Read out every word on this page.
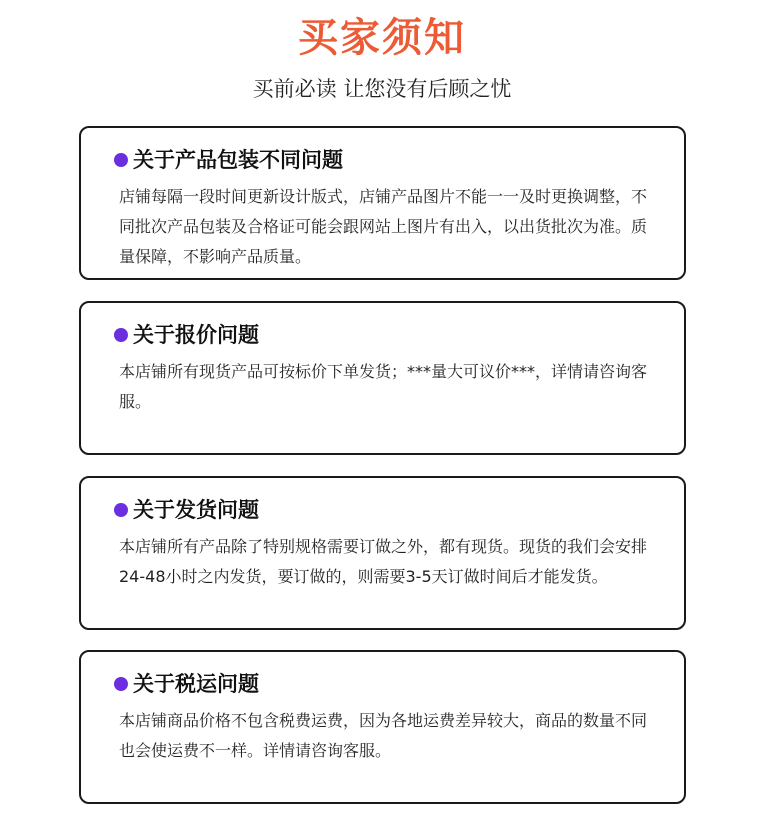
买家须知
买前必读 让您没有后顾之忧
关于产品包装不同问题
店铺每隔一段时间更新设计版式，店铺产品图片不能一一及时更换调整，不同批次产品包装及合格证可能会跟网站上图片有出入，以出货批次为准。质量保障，不影响产品质量。
关于报价问题
本店铺所有现货产品可按标价下单发货；***量大可议价***，详情请咨询客服。
关于发货问题
本店铺所有产品除了特别规格需要订做之外，都有现货。现货的我们会安排24-48小时之内发货，要订做的，则需要3-5天订做时间后才能发货。
关于税运问题
本店铺商品价格不包含税费运费，因为各地运费差异较大，商品的数量不同也会使运费不一样。详情请咨询客服。
